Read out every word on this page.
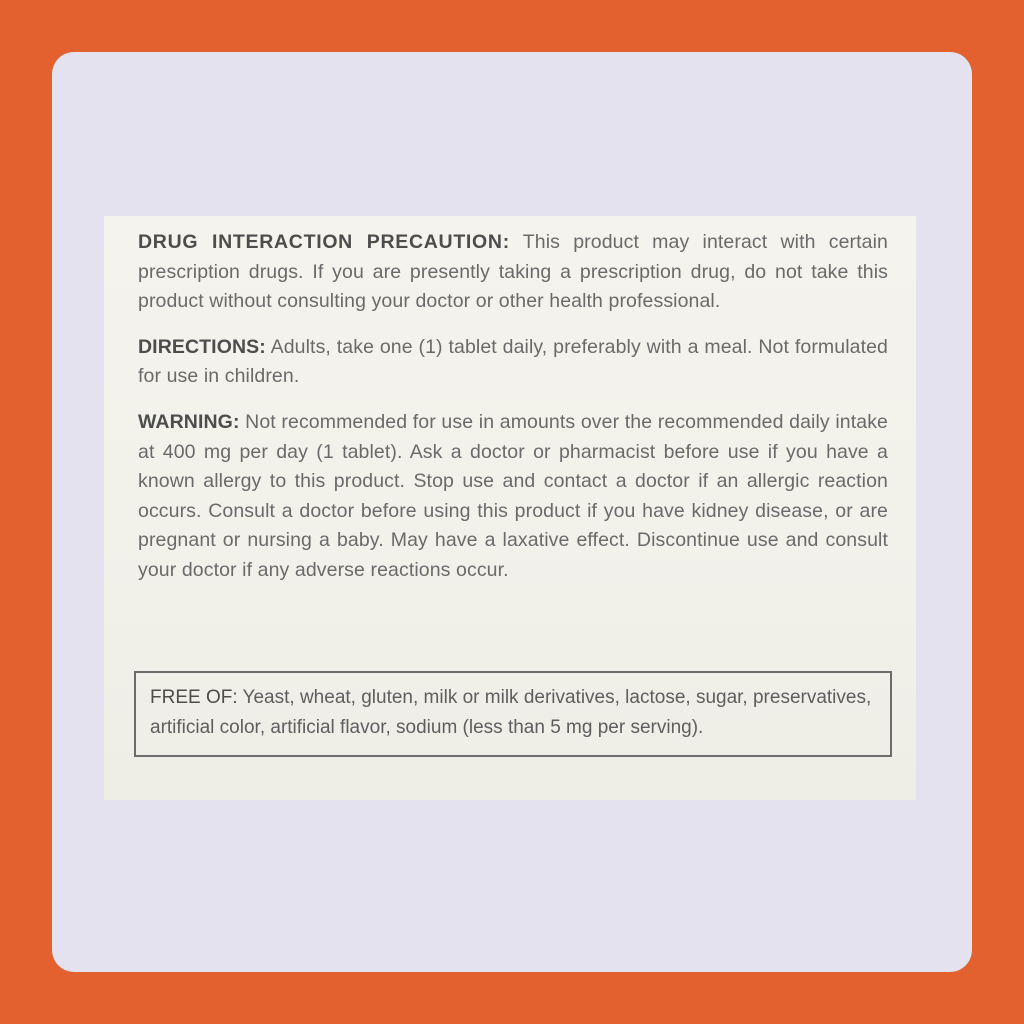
DRUG INTERACTION PRECAUTION: This product may interact with certain prescription drugs. If you are presently taking a prescription drug, do not take this product without consulting your doctor or other health professional.

DIRECTIONS: Adults, take one (1) tablet daily, preferably with a meal. Not formulated for use in children.

WARNING: Not recommended for use in amounts over the recommended daily intake at 400 mg per day (1 tablet). Ask a doctor or pharmacist before use if you have a known allergy to this product. Stop use and contact a doctor if an allergic reaction occurs. Consult a doctor before using this product if you have kidney disease, or are pregnant or nursing a baby. May have a laxative effect. Discontinue use and consult your doctor if any adverse reactions occur.

FREE OF: Yeast, wheat, gluten, milk or milk derivatives, lactose, sugar, preservatives, artificial color, artificial flavor, sodium (less than 5 mg per serving).
